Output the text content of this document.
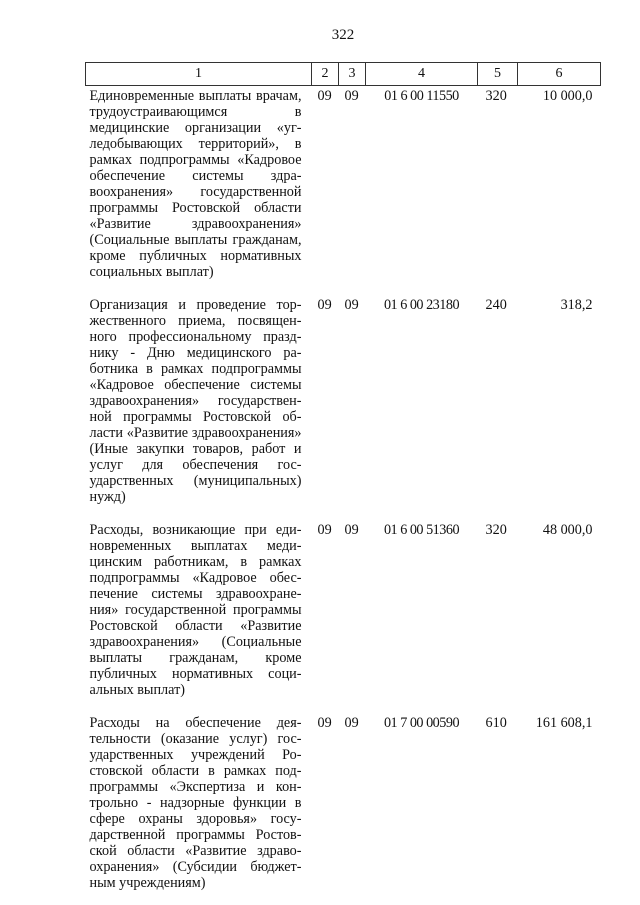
322
1	2	3	4	5	6
Единовременные выплаты врачам, трудоустраивающимся в медицинские организации «угледобывающих территорий», в рамках подпрограммы «Кадровое обеспечение системы здравоохранения» государственной программы Ростовской области «Развитие здравоохранения» (Социальные выплаты гражданам, кроме публичных нормативных социальных выплат)	09	09	01 6 00 11550	320	10 000,0
Организация и проведение торжественного приема, посвященного профессиональному празднику - Дню медицинского работника в рамках подпрограммы «Кадровое обеспечение системы здравоохранения» государственной программы Ростовской области «Развитие здравоохранения» (Иные закупки товаров, работ и услуг для обеспечения государственных (муниципальных) нужд)	09	09	01 6 00 23180	240	318,2
Расходы, возникающие при единовременных выплатах медицинским работникам, в рамках подпрограммы «Кадровое обеспечение системы здравоохранения» государственной программы Ростовской области «Развитие здравоохранения» (Социальные выплаты гражданам, кроме публичных нормативных социальных выплат)	09	09	01 6 00 51360	320	48 000,0
Расходы на обеспечение деятельности (оказание услуг) государственных учреждений Ростовской области в рамках подпрограммы «Экспертиза и контрольно - надзорные функции в сфере охраны здоровья» государственной программы Ростовской области «Развитие здравоохранения» (Субсидии бюджетным учреждениям)	09	09	01 7 00 00590	610	161 608,1
